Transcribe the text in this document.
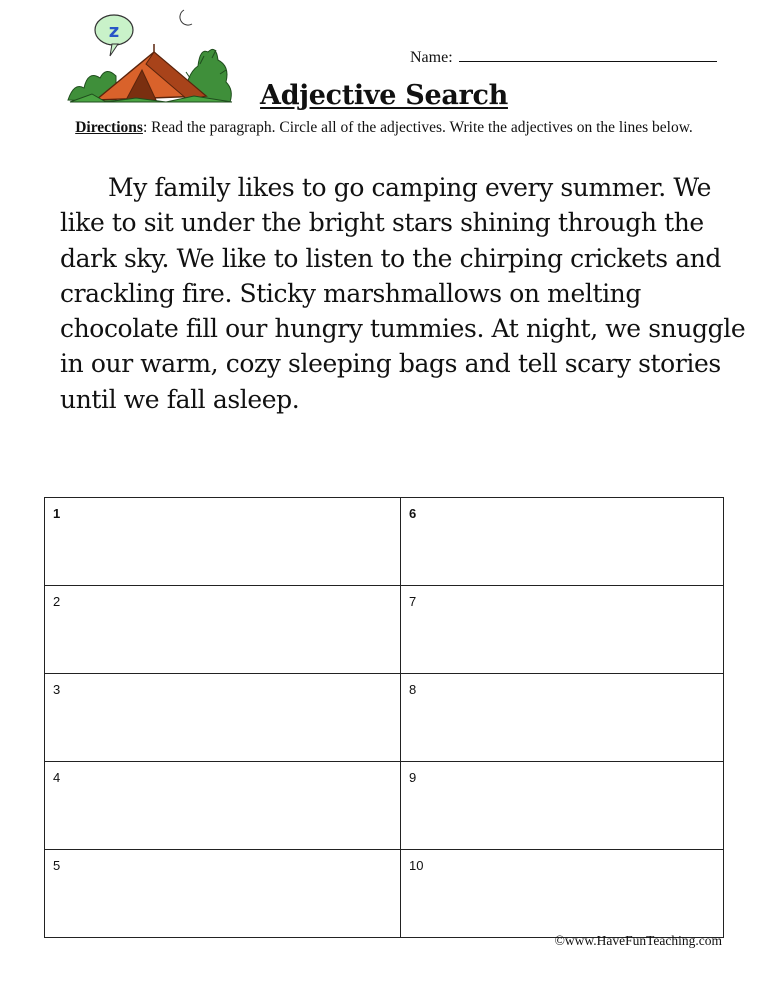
z
Name:
Adjective Search
Directions: Read the paragraph. Circle all of the adjectives. Write the adjectives on the lines below.

My family likes to go camping every summer. We like to sit under the bright stars shining through the dark sky. We like to listen to the chirping crickets and crackling fire. Sticky marshmallows on melting chocolate fill our hungry tummies. At night, we snuggle in our warm, cozy sleeping bags and tell scary stories until we fall asleep.

1	6
2	7
3	8
4	9
5	10
©www.HaveFunTeaching.com
